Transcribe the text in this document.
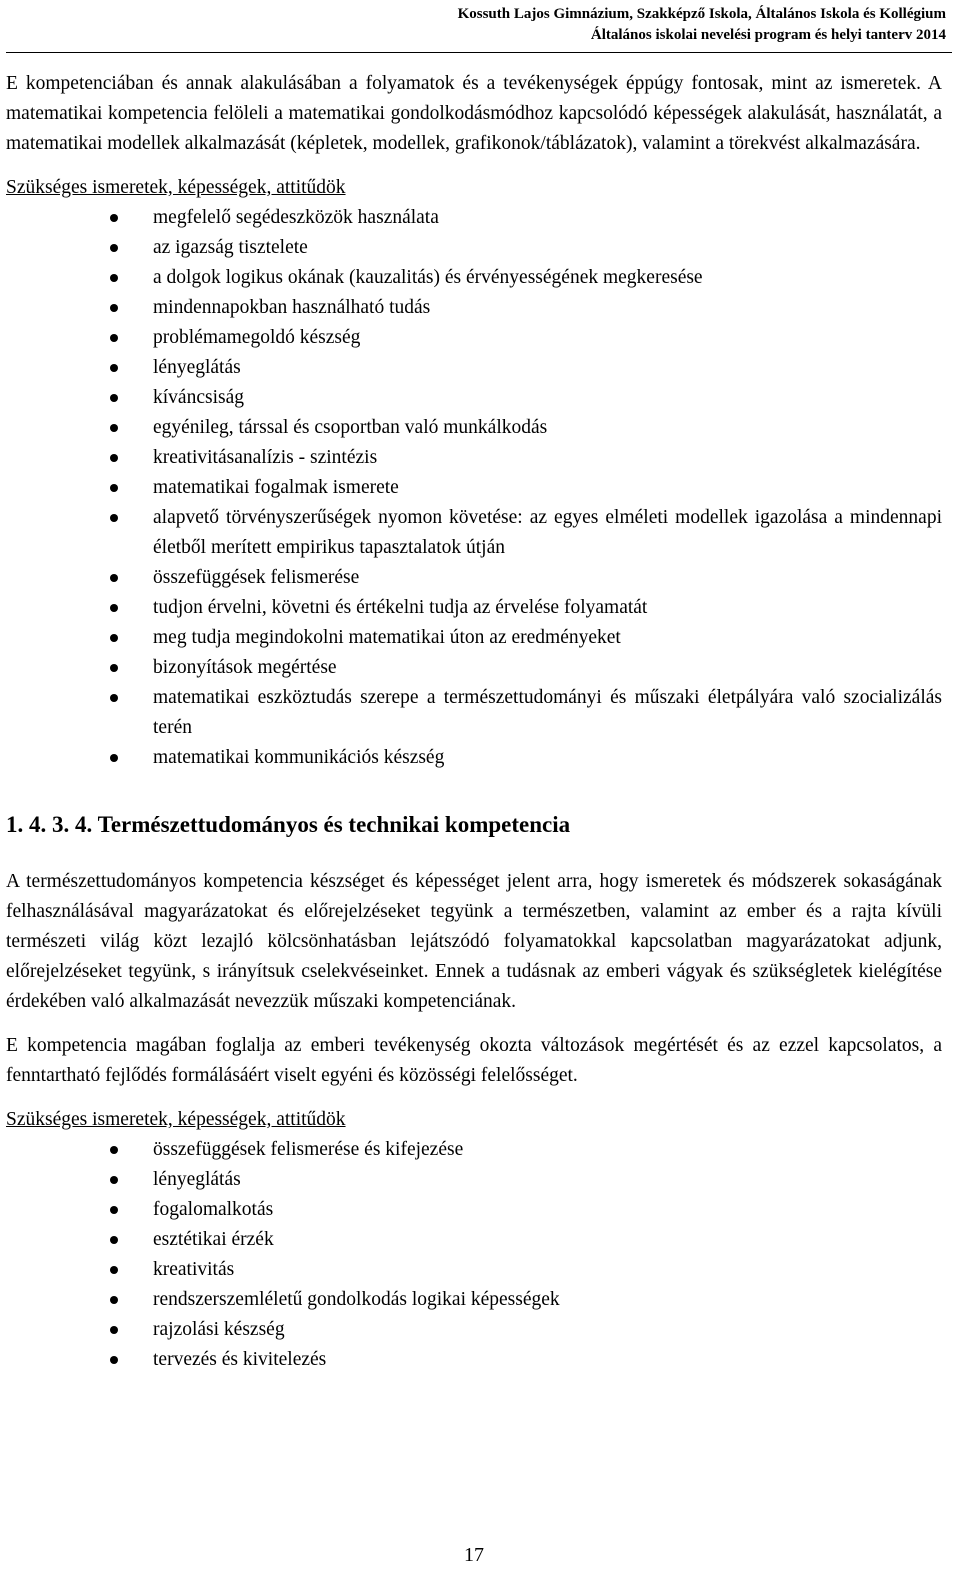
Kossuth Lajos Gimnázium, Szakképző Iskola, Általános Iskola és Kollégium
Általános iskolai nevelési program és helyi tanterv 2014

E kompetenciában és annak alakulásában a folyamatok és a tevékenységek éppúgy fontosak, mint az ismeretek. A matematikai kompetencia felöleli a matematikai gondolkodásmódhoz kapcsolódó képességek alakulását, használatát, a matematikai modellek alkalmazását (képletek, modellek, grafikonok/táblázatok), valamint a törekvést alkalmazására.

Szükséges ismeretek, képességek, attitűdök
megfelelő segédeszközök használata
az igazság tisztelete
a dolgok logikus okának (kauzalitás) és érvényességének megkeresése
mindennapokban használható tudás
problémamegoldó készség
lényeglátás
kíváncsiság
egyénileg, társsal és csoportban való munkálkodás
kreativitásanalízis - szintézis
matematikai fogalmak ismerete
alapvető törvényszerűségek nyomon követése: az egyes elméleti modellek igazolása a mindennapi életből merített empirikus tapasztalatok útján
összefüggések felismerése
tudjon érvelni, követni és értékelni tudja az érvelése folyamatát
meg tudja megindokolni matematikai úton az eredményeket
bizonyítások megértése
matematikai eszköztudás szerepe a természettudományi és műszaki életpályára való szocializálás terén
matematikai kommunikációs készség
1. 4. 3. 4. Természettudományos és technikai kompetencia

A természettudományos kompetencia készséget és képességet jelent arra, hogy ismeretek és módszerek sokaságának felhasználásával magyarázatokat és előrejelzéseket tegyünk a természetben, valamint az ember és a rajta kívüli természeti világ közt lezajló kölcsönhatásban lejátszódó folyamatokkal kapcsolatban magyarázatokat adjunk, előrejelzéseket tegyünk, s irányítsuk cselekvéseinket. Ennek a tudásnak az emberi vágyak és szükségletek kielégítése érdekében való alkalmazását nevezzük műszaki kompetenciának.

E kompetencia magában foglalja az emberi tevékenység okozta változások megértését és az ezzel kapcsolatos, a fenntartható fejlődés formálásáért viselt egyéni és közösségi felelősséget.

Szükséges ismeretek, képességek, attitűdök
összefüggések felismerése és kifejezése
lényeglátás
fogalomalkotás
esztétikai érzék
kreativitás
rendszerszemléletű gondolkodás logikai képességek
rajzolási készség
tervezés és kivitelezés
17
